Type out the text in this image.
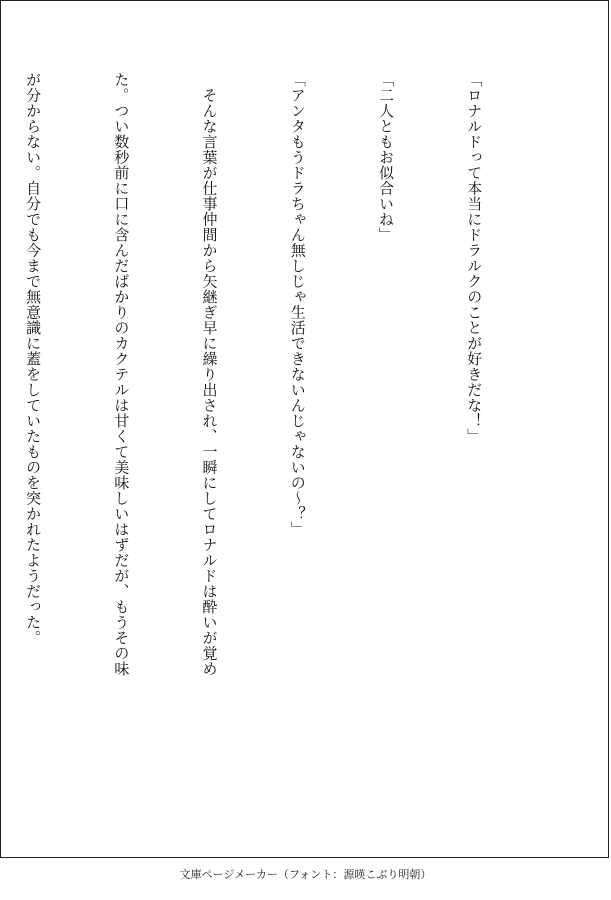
「ロナルドって本当にドラルクのことが好きだな！」

「二人ともお似合いね」

「アンタもうドラちゃん無しじゃ生活できないんじゃないの〜？」

　そんな言葉が仕事仲間から矢継ぎ早に繰り出され、一瞬にしてロナルドは酔いが覚め

た。つい数秒前に口に含んだばかりのカクテルは甘くて美味しいはずだが、もうその味

が分からない。自分でも今まで無意識に蓋をしていたものを突かれたようだった。

文庫ページメーカー（フォント：源暎こぶり明朝）
